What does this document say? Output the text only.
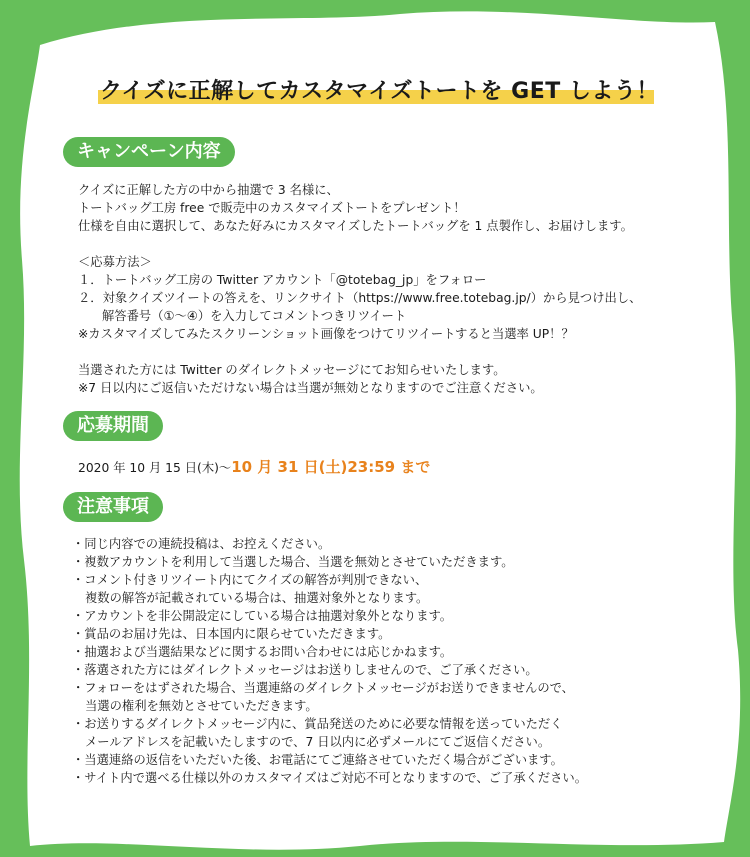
クイズに正解してカスタマイズトートを GET しよう！
キャンペーン内容
クイズに正解した方の中から抽選で 3 名様に、
トートバッグ工房 free で販売中のカスタマイズトートをプレゼント！
仕様を自由に選択して、あなた好みにカスタマイズしたトートバッグを 1 点製作し、お届けします。
＜応募方法＞
１．トートバッグ工房の Twitter アカウント「@totebag_jp」をフォロー
２．対象クイズツイートの答えを、リンクサイト（https://www.free.totebag.jp/）から見つけ出し、
解答番号（①〜④）を入力してコメントつきリツイート
※カスタマイズしてみたスクリーンショット画像をつけてリツイートすると当選率 UP！？
当選された方には Twitter のダイレクトメッセージにてお知らせいたします。
※7 日以内にご返信いただけない場合は当選が無効となりますのでご注意ください。
応募期間
2020 年 10 月 15 日(木)〜10 月 31 日(土)23:59 まで
注意事項
・同じ内容での連続投稿は、お控えください。
・複数アカウントを利用して当選した場合、当選を無効とさせていただきます。
・コメント付きリツイート内にてクイズの解答が判別できない、
複数の解答が記載されている場合は、抽選対象外となります。
・アカウントを非公開設定にしている場合は抽選対象外となります。
・賞品のお届け先は、日本国内に限らせていただきます。
・抽選および当選結果などに関するお問い合わせには応じかねます。
・落選された方にはダイレクトメッセージはお送りしませんので、ご了承ください。
・フォローをはずされた場合、当選連絡のダイレクトメッセージがお送りできませんので、
当選の権利を無効とさせていただきます。
・お送りするダイレクトメッセージ内に、賞品発送のために必要な情報を送っていただく
メールアドレスを記載いたしますので、7 日以内に必ずメールにてご返信ください。
・当選連絡の返信をいただいた後、お電話にてご連絡させていただく場合がございます。
・サイト内で選べる仕様以外のカスタマイズはご対応不可となりますので、ご了承ください。
